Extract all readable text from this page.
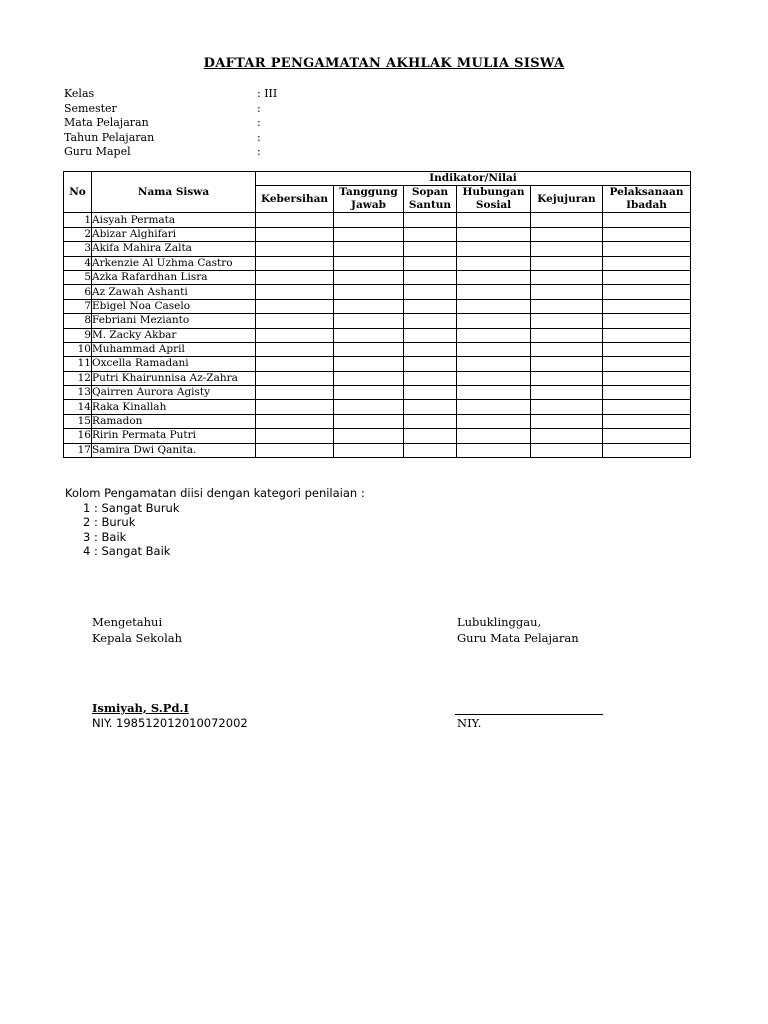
DAFTAR PENGAMATAN AKHLAK MULIA SISWA
Kelas	: III
Semester	:
Mata Pelajaran	:
Tahun Pelajaran	:
Guru Mapel	:
No	Nama Siswa	Indikator/Nilai					
		Kebersihan	Tanggung Jawab	Sopan Santun	Hubungan Sosial	Kejujuran	Pelaksanaan Ibadah
1	Aisyah Permata						
2	Abizar Alghifari						
3	Akifa Mahira Zalta						
4	Arkenzie Al Uzhma Castro						
5	Azka Rafardhan Lisra						
6	Az Zawah Ashanti						
7	Ebigel Noa Caselo						
8	Febriani Mezianto						
9	M. Zacky Akbar						
10	Muhammad April						
11	Oxcella Ramadani						
12	Putri Khairunnisa Az-Zahra						
13	Qairren Aurora Agisty						
14	Raka Kinallah						
15	Ramadon						
16	Ririn Permata Putri						
17	Samira Dwi Qanita.						
Kolom Pengamatan diisi dengan kategori penilaian :
1 : Sangat Buruk
2 : Buruk
3 : Baik
4 : Sangat Baik
Mengetahui
Kepala Sekolah
Lubuklinggau,
Guru Mata Pelajaran
Ismiyah, S.Pd.I
NIY. 198512012010072002	NIY.
